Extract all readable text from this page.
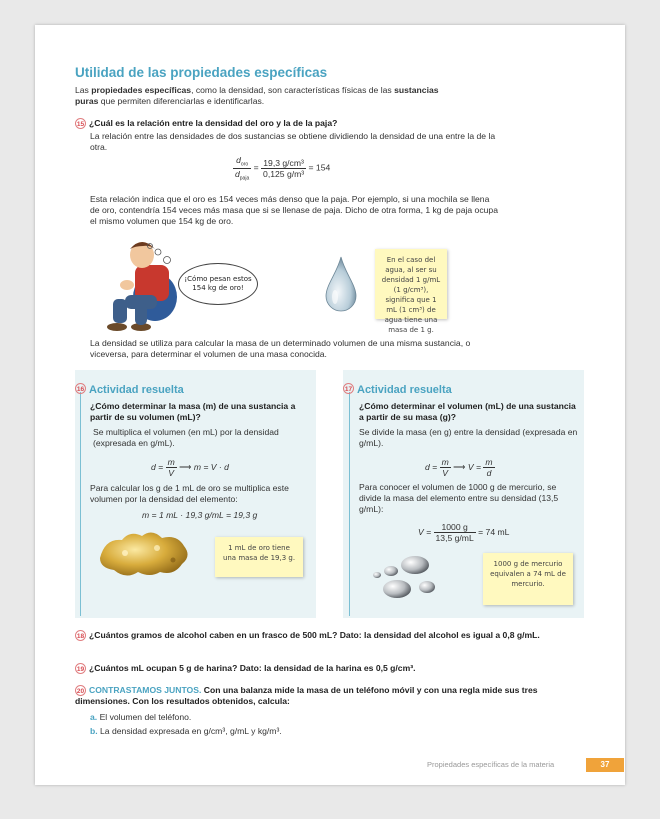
Utilidad de las propiedades específicas
Las propiedades específicas, como la densidad, son características físicas de las sustancias
puras que permiten diferenciarlas e identificarlas.
15 ¿Cuál es la relación entre la densidad del oro y la de la paja?
La relación entre las densidades de dos sustancias se obtiene dividiendo la densidad de una entre la de la otra.
$\frac{d_{oro}}{d_{paja}} = \frac{\text{19,3 g/cm³}}{\text{0,125 g/m³}} = 154$
Esta relación indica que el oro es 154 veces más denso que la paja. Por ejemplo, si una mochila se llena de oro, contendría 154 veces más masa que si se llenase de paja. Dicho de otra forma, 1 kg de paja ocupa el mismo volumen que 154 kg de oro.
¡Cómo pesan estos 154 kg de oro!
En el caso del agua, al ser su densidad 1 g/mL (1 g/cm³), significa que 1 mL (1 cm³) de agua tiene una masa de 1 g.
La densidad se utiliza para calcular la masa de un determinado volumen de una misma sustancia, o viceversa, para determinar el volumen de una masa conocida.
16 Actividad resuelta
¿Cómo determinar la masa (m) de una sustancia a partir de su volumen (mL)?
Se multiplica el volumen (en mL) por la densidad (expresada en g/mL).
$d = \frac{m}{V}$ ⟶ m = V · d
Para calcular los g de 1 mL de oro se multiplica este volumen por la densidad del elemento:
m = 1 mL · 19,3 g/mL = 19,3 g
1 mL de oro tiene una masa de 19,3 g.
17 Actividad resuelta
¿Cómo determinar el volumen (mL) de una sustancia a partir de su masa (g)?
Se divide la masa (en g) entre la densidad (expresada en g/mL).
$d = \frac{m}{V}$ ⟶ $V = \frac{m}{d}$
Para conocer el volumen de 1000 g de mercurio, se divide la masa del elemento entre su densidad (13,5 g/mL):
$V = \frac{1000 g}{13,5 g/mL} = 74$ mL
1000 g de mercurio equivalen a 74 mL de mercurio.
18 ¿Cuántos gramos de alcohol caben en un frasco de 500 mL? Dato: la densidad del alcohol es igual a 0,8 g/mL.
19 ¿Cuántos mL ocupan 5 g de harina? Dato: la densidad de la harina es 0,5 g/cm³.
20 CONTRASTAMOS JUNTOS. Con una balanza mide la masa de un teléfono móvil y con una regla mide sus tres dimensiones. Con los resultados obtenidos, calcula:
a. El volumen del teléfono.
b. La densidad expresada en g/cm³, g/mL y kg/m³.
Propiedades específicas de la materia	37
